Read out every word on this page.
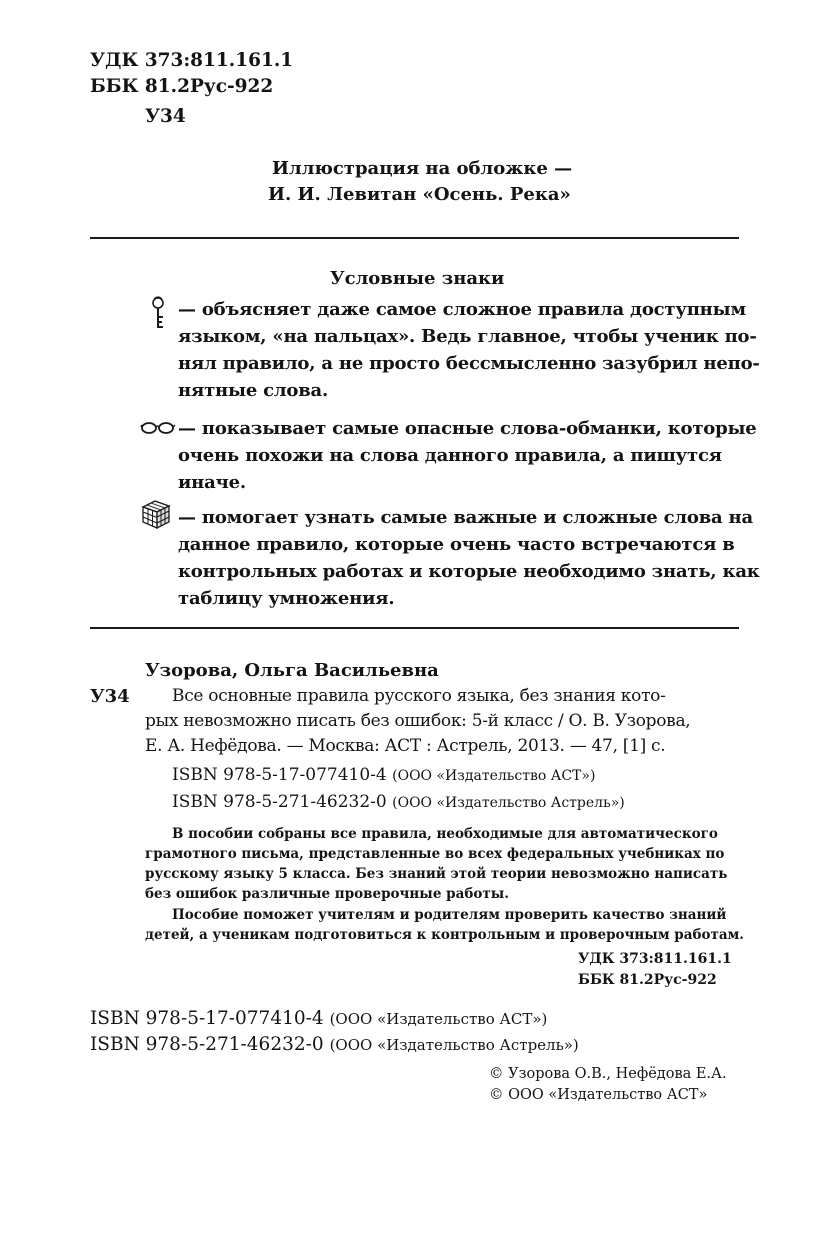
УДК 373:811.161.1
ББК 81.2Рус-922
У34
Иллюстрация на обложке —
И. И. Левитан «Осень. Река»
Условные знаки
— объясняет даже самое сложное правила доступным
языком, «на пальцах». Ведь главное, чтобы ученик по-
нял правило, а не просто бессмысленно зазубрил непо-
нятные слова.
— показывает самые опасные слова-обманки, которые
очень похожи на слова данного правила, а пишутся
иначе.
— помогает узнать самые важные и сложные слова на
данное правило, которые очень часто встречаются в
контрольных работах и которые необходимо знать, как
таблицу умножения.
Узорова, Ольга Васильевна
У34 Все основные правила русского языка, без знания кото-
рых невозможно писать без ошибок: 5-й класс / О. В. Узорова,
Е. А. Нефёдова. — Москва: АСТ : Астрель, 2013. — 47, [1] с.
ISBN 978-5-17-077410-4 (ООО «Издательство АСТ»)
ISBN 978-5-271-46232-0 (ООО «Издательство Астрель»)
В пособии собраны все правила, необходимые для автоматического
грамотного письма, представленные во всех федеральных учебниках по
русскому языку 5 класса. Без знаний этой теории невозможно написать
без ошибок различные проверочные работы.
Пособие поможет учителям и родителям проверить качество знаний
детей, а ученикам подготовиться к контрольным и проверочным работам.
УДК 373:811.161.1
ББК 81.2Рус-922
ISBN 978-5-17-077410-4 (ООО «Издательство АСТ»)
ISBN 978-5-271-46232-0 (ООО «Издательство Астрель»)
© Узорова О.В., Нефёдова Е.А.
© ООО «Издательство АСТ»
